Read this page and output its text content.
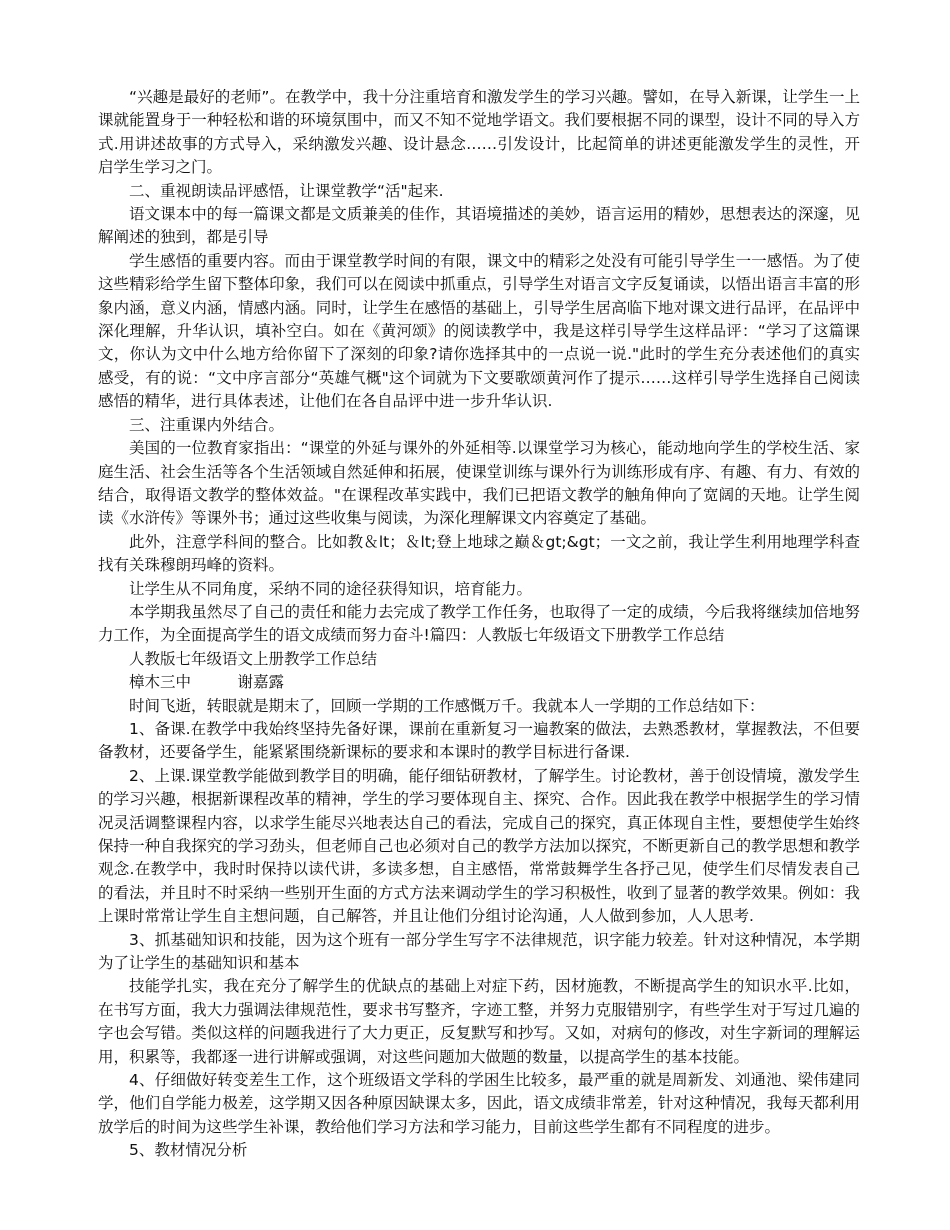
“兴趣是最好的老师”。在教学中，我十分注重培育和激发学生的学习兴趣。譬如，在导入新课，让学生一上课就能置身于一种轻松和谐的环境氛围中，而又不知不觉地学语文。我们要根据不同的课型，设计不同的导入方式.用讲述故事的方式导入，采纳激发兴趣、设计悬念……引发设计，比起简单的讲述更能激发学生的灵性，开启学生学习之门。

二、重视朗读品评感悟，让课堂教学“活"起来.

语文课本中的每一篇课文都是文质兼美的佳作，其语境描述的美妙，语言运用的精妙，思想表达的深邃，见解阐述的独到，都是引导

学生感悟的重要内容。而由于课堂教学时间的有限，课文中的精彩之处没有可能引导学生一一感悟。为了使这些精彩给学生留下整体印象，我们可以在阅读中抓重点，引导学生对语言文字反复诵读，以悟出语言丰富的形象内涵，意义内涵，情感内涵。同时，让学生在感悟的基础上，引导学生居高临下地对课文进行品评，在品评中深化理解，升华认识，填补空白。如在《黄河颂》的阅读教学中，我是这样引导学生这样品评：“学习了这篇课文，你认为文中什么地方给你留下了深刻的印象?请你选择其中的一点说一说."此时的学生充分表述他们的真实感受，有的说：“文中序言部分“英雄气概"这个词就为下文要歌颂黄河作了提示……这样引导学生选择自己阅读感悟的精华，进行具体表述，让他们在各自品评中进一步升华认识.

三、注重课内外结合。

美国的一位教育家指出：“课堂的外延与课外的外延相等.以课堂学习为核心，能动地向学生的学校生活、家庭生活、社会生活等各个生活领域自然延伸和拓展，使课堂训练与课外行为训练形成有序、有趣、有力、有效的结合，取得语文教学的整体效益。"在课程改革实践中，我们已把语文教学的触角伸向了宽阔的天地。让学生阅读《水浒传》等课外书；通过这些收集与阅读，为深化理解课文内容奠定了基础。

此外，注意学科间的整合。比如教＆lt；＆lt;登上地球之巅＆gt;&gt；一文之前，我让学生利用地理学科查找有关珠穆朗玛峰的资料。

让学生从不同角度，采纳不同的途径获得知识，培育能力。

本学期我虽然尽了自己的责任和能力去完成了教学工作任务，也取得了一定的成绩，今后我将继续加倍地努力工作，为全面提高学生的语文成绩而努力奋斗!篇四：人教版七年级语文下册教学工作总结

人教版七年级语文上册教学工作总结

樟木三中　　　谢嘉露

时间飞逝，转眼就是期末了，回顾一学期的工作感慨万千。我就本人一学期的工作总结如下：

1、备课.在教学中我始终坚持先备好课，课前在重新复习一遍教案的做法，去熟悉教材，掌握教法，不但要备教材，还要备学生，能紧紧围绕新课标的要求和本课时的教学目标进行备课.

2、上课.课堂教学能做到教学目的明确，能仔细钻研教材，了解学生。讨论教材，善于创设情境，激发学生的学习兴趣，根据新课程改革的精神，学生的学习要体现自主、探究、合作。因此我在教学中根据学生的学习情况灵活调整课程内容，以求学生能尽兴地表达自己的看法，完成自己的探究，真正体现自主性，要想使学生始终保持一种自我探究的学习劲头，但老师自己也必须对自己的教学方法加以探究，不断更新自己的教学思想和教学观念.在教学中，我时时保持以读代讲，多读多想，自主感悟，常常鼓舞学生各抒己见，使学生们尽情发表自己的看法，并且时不时采纳一些别开生面的方式方法来调动学生的学习积极性，收到了显著的教学效果。例如：我上课时常常让学生自主想问题，自己解答，并且让他们分组讨论沟通，人人做到参加，人人思考.

3、抓基础知识和技能，因为这个班有一部分学生写字不法律规范，识字能力较差。针对这种情况，本学期为了让学生的基础知识和基本

技能学扎实，我在充分了解学生的优缺点的基础上对症下药，因材施教，不断提高学生的知识水平.比如，在书写方面，我大力强调法律规范性，要求书写整齐，字迹工整，并努力克服错别字，有些学生对于写过几遍的字也会写错。类似这样的问题我进行了大力更正，反复默写和抄写。又如，对病句的修改，对生字新词的理解运用，积累等，我都逐一进行讲解或强调，对这些问题加大做题的数量，以提高学生的基本技能。

4、仔细做好转变差生工作，这个班级语文学科的学困生比较多，最严重的就是周新发、刘通池、梁伟建同学，他们自学能力极差，这学期又因各种原因缺课太多，因此，语文成绩非常差，针对这种情况，我每天都利用放学后的时间为这些学生补课，教给他们学习方法和学习能力，目前这些学生都有不同程度的进步。

5、教材情况分析
